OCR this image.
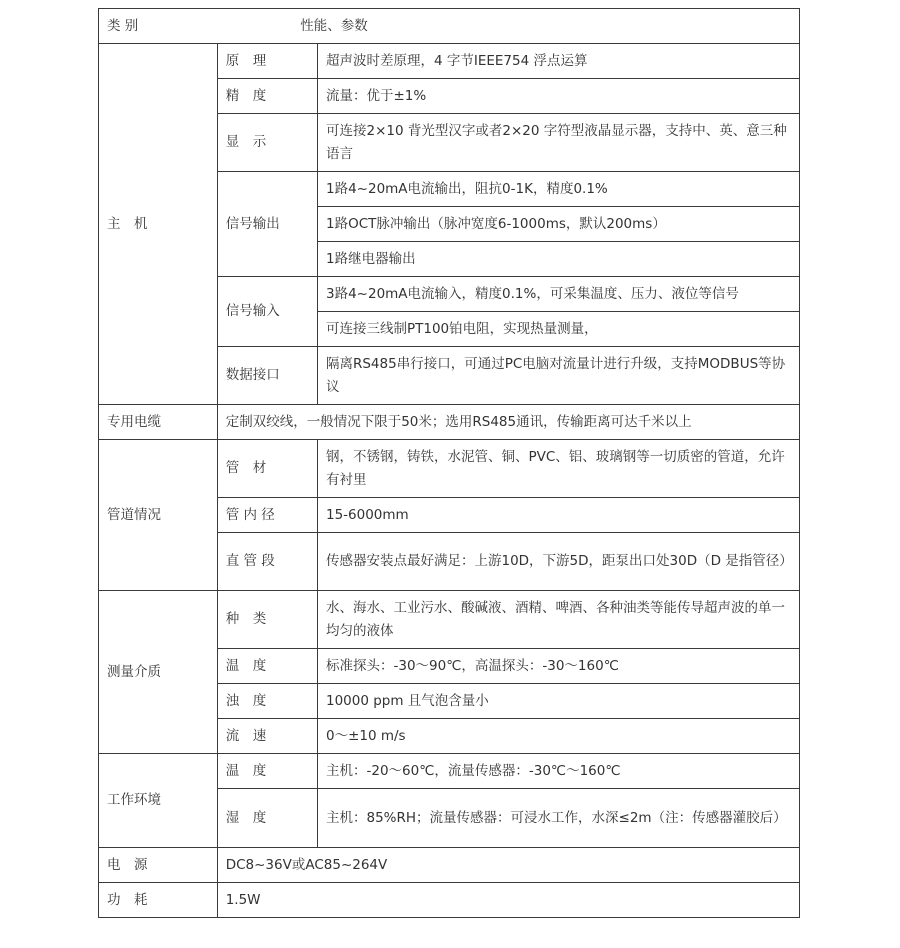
类 别 性能、参数		
主　机	原　理	超声波时差原理，4 字节IEEE754 浮点运算
	精　度	流量：优于±1%
	显　示	可连接2×10 背光型汉字或者2×20 字符型液晶显示器，支持中、英、意三种语言
	信号输出	1路4~20mA电流输出，阻抗0-1K，精度0.1%
		1路OCT脉冲输出（脉冲宽度6-1000ms，默认200ms）
		1路继电器输出
	信号输入	3路4~20mA电流输入，精度0.1%，可采集温度、压力、液位等信号
		可连接三线制PT100铂电阻，实现热量测量，
	数据接口	隔离RS485串行接口，可通过PC电脑对流量计进行升级，支持MODBUS等协议
专用电缆	定制双绞线，一般情况下限于50米；选用RS485通讯，传输距离可达千米以上	
管道情况	管　材	钢，不锈钢，铸铁，水泥管、铜、PVC、铝、玻璃钢等一切质密的管道，允许有衬里
	管 内 径	15-6000mm
	直 管 段	传感器安装点最好满足：上游10D，下游5D，距泵出口处30D（D 是指管径）
测量介质	种　类	水、海水、工业污水、酸碱液、酒精、啤酒、各种油类等能传导超声波的单一均匀的液体
	温　度	标准探头：-30～90℃，高温探头：-30～160℃
	浊　度	10000 ppm 且气泡含量小
	流　速	0～±10 m/s
工作环境	温　度	主机：-20～60℃，流量传感器：-30℃～160℃
	湿　度	主机：85%RH；流量传感器：可浸水工作，水深≤2m（注：传感器灌胶后）
电　源	DC8~36V或AC85~264V	
功　耗	1.5W	
